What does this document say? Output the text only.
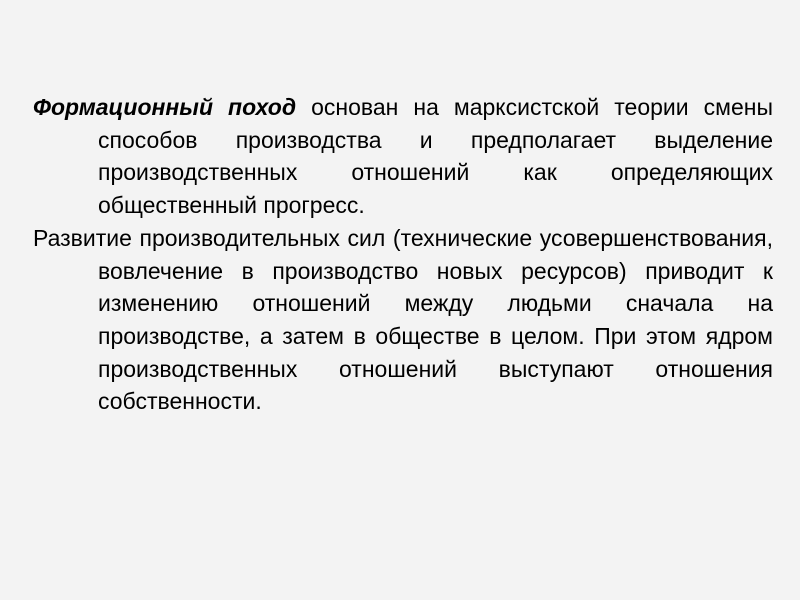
Формационный поход основан на марксистской теории смены способов производства и предполагает выделение производственных отношений как определяющих общественный прогресс.

Развитие производительных сил (технические усовершенствования, вовлечение в производство новых ресурсов) приводит к изменению отношений между людьми сначала на производстве, а затем в обществе в целом. При этом ядром производственных отношений выступают отношения собственности.
